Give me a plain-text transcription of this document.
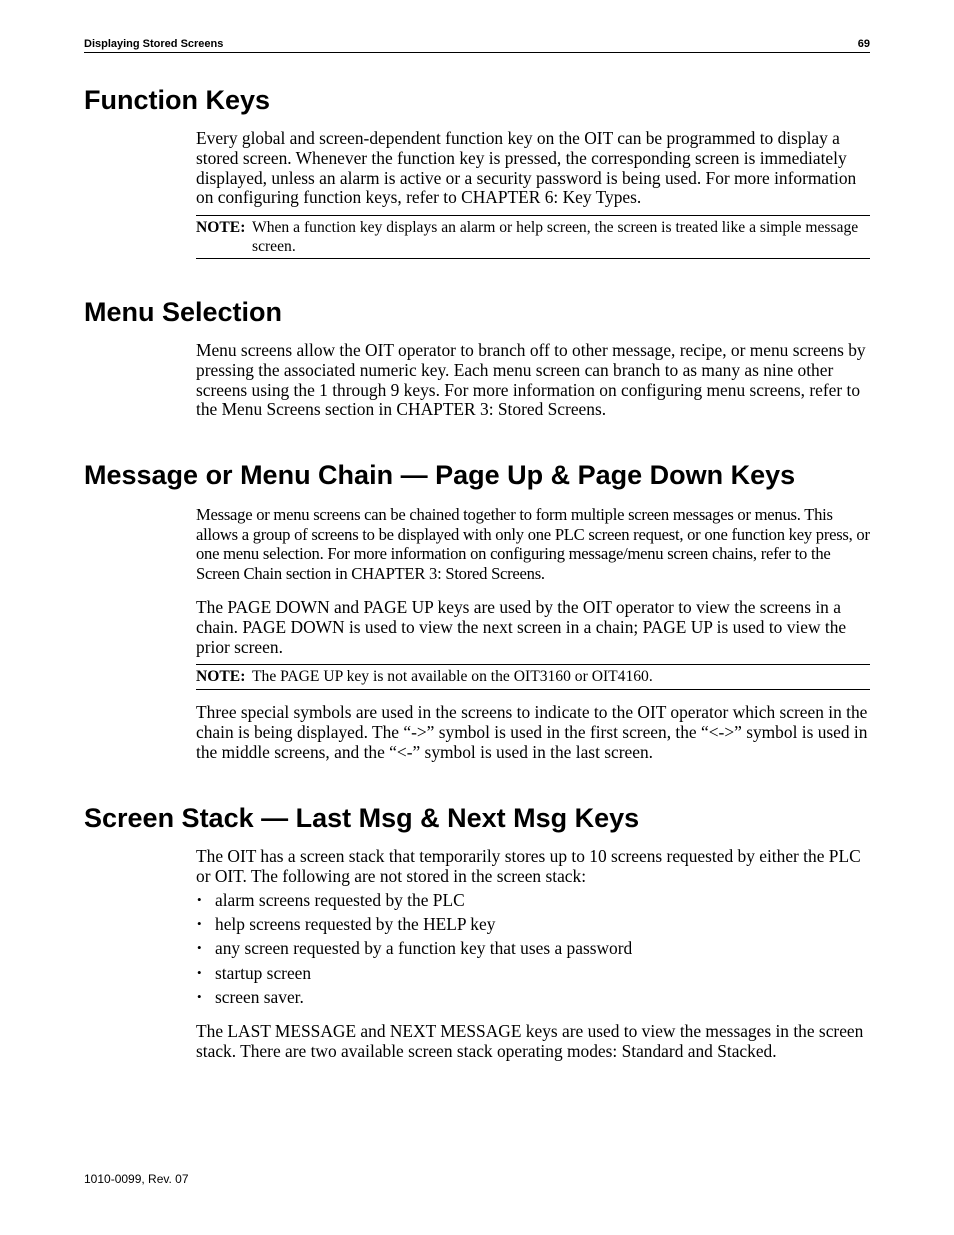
Displaying Stored Screens	69
Function Keys

Every global and screen-dependent function key on the OIT can be programmed to display a stored screen. Whenever the function key is pressed, the corresponding screen is immediately displayed, unless an alarm is active or a security password is being used. For more information on configuring function keys, refer to CHAPTER 6: Key Types.

NOTE: When a function key displays an alarm or help screen, the screen is treated like a simple message screen.
Menu Selection

Menu screens allow the OIT operator to branch off to other message, recipe, or menu screens by pressing the associated numeric key. Each menu screen can branch to as many as nine other screens using the 1 through 9 keys. For more information on configuring menu screens, refer to the Menu Screens section in CHAPTER 3: Stored Screens.

Message or Menu Chain — Page Up & Page Down Keys

Message or menu screens can be chained together to form multiple screen messages or menus. This allows a group of screens to be displayed with only one PLC screen request, or one function key press, or one menu selection. For more information on configuring message/menu screen chains, refer to the Screen Chain section in CHAPTER 3: Stored Screens.

The PAGE DOWN and PAGE UP keys are used by the OIT operator to view the screens in a chain. PAGE DOWN is used to view the next screen in a chain; PAGE UP is used to view the prior screen.

NOTE: The PAGE UP key is not available on the OIT3160 or OIT4160.

Three special symbols are used in the screens to indicate to the OIT operator which screen in the chain is being displayed. The “->” symbol is used in the first screen, the “<->” symbol is used in the middle screens, and the “<-” symbol is used in the last screen.

Screen Stack — Last Msg & Next Msg Keys

The OIT has a screen stack that temporarily stores up to 10 screens requested by either the PLC or OIT. The following are not stored in the screen stack:

• alarm screens requested by the PLC
• help screens requested by the HELP key
• any screen requested by a function key that uses a password
• startup screen
• screen saver.

The LAST MESSAGE and NEXT MESSAGE keys are used to view the messages in the screen stack. There are two available screen stack operating modes: Standard and Stacked.

1010-0099, Rev. 07
